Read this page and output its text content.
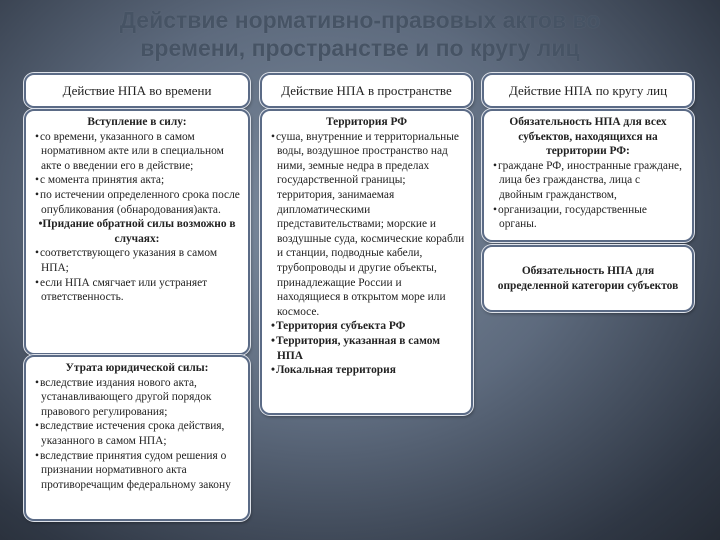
Действие нормативно-правовых актов во
времени, пространстве и по кругу лиц
Действие НПА во времени	Действие НПА в пространстве	Действие НПА по кругу лиц
Вступление в силу:
• со времени, указанного в самом нормативном акте или в специальном акте о введении его в действие;
• с момента принятия акта;
• по истечении определенного срока после опубликования (обнародования)акта.
•Придание обратной силы возможно в случаях:
• соответствующего указания в самом НПА;
• если НПА смягчает или устраняет ответственность.
Утрата юридической силы:
• вследствие издания нового акта, устанавливающего другой порядок правового регулирования;
• вследствие истечения срока действия, указанного в самом НПА;
• вследствие принятия судом решения о признании нормативного акта противоречащим федеральному закону
Территория РФ
• суша, внутренние и территориальные воды, воздушное пространство над ними, земные недра в пределах государственной границы; территория, занимаемая дипломатическими представительствами; морские и воздушные суда, космические корабли и станции, подводные кабели, трубопроводы и другие объекты, принадлежащие России и находящиеся в открытом море или космосе.
• Территория субъекта РФ
• Территория, указанная в самом НПА
• Локальная территория
Обязательность НПА для всех субъектов, находящихся на территории РФ:
• граждане РФ, иностранные граждане, лица без гражданства, лица с двойным гражданством,
• организации, государственные органы.
Обязательность НПА для определенной категории субъектов
